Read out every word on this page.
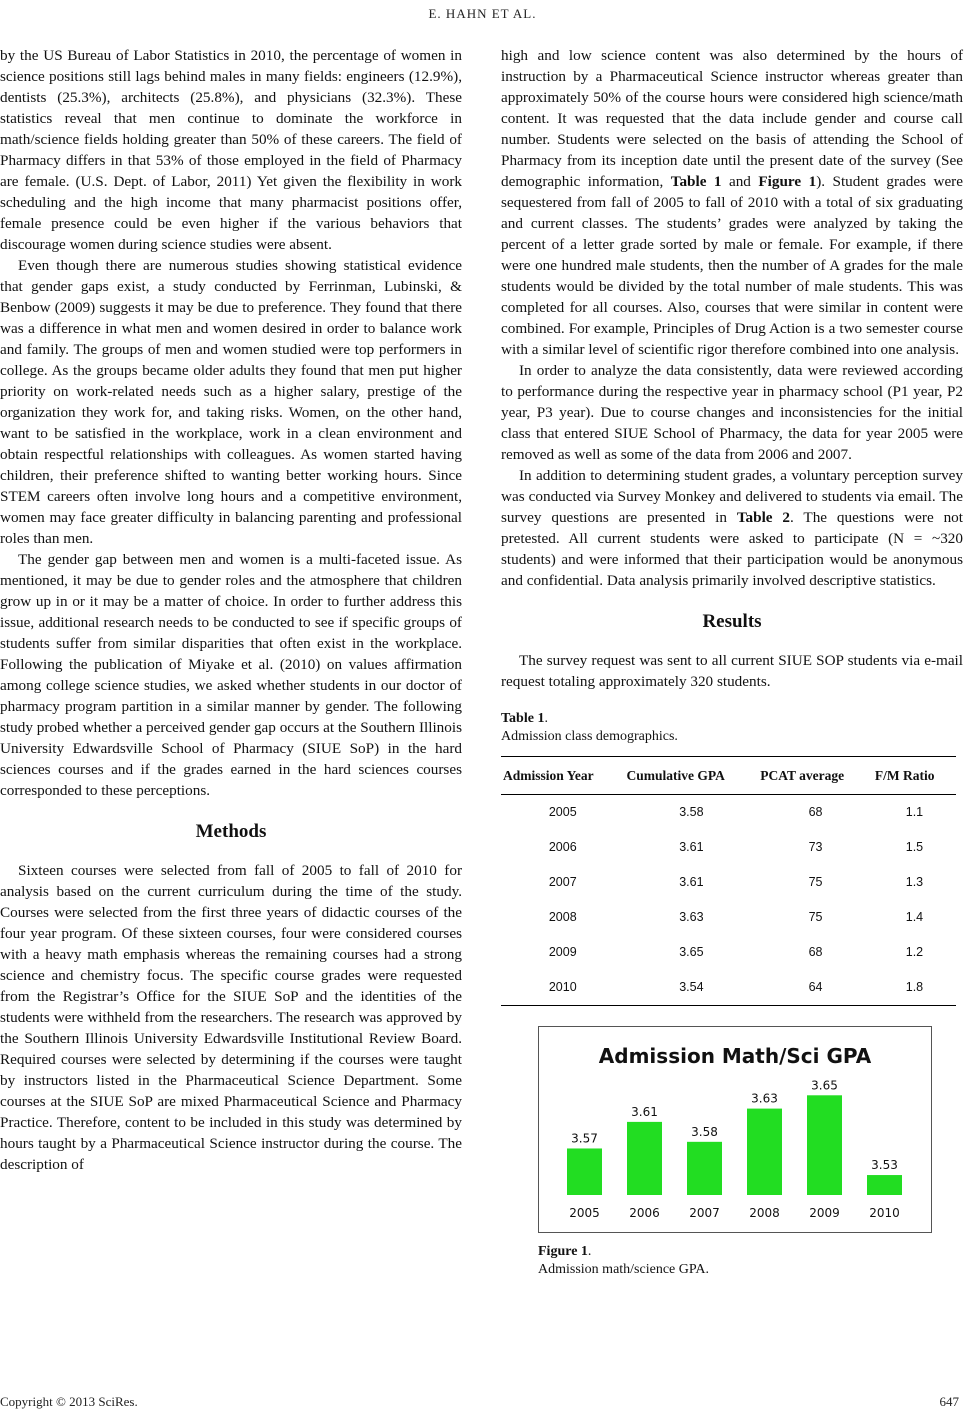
E. HAHN ET AL.

by the US Bureau of Labor Statistics in 2010, the percentage of women in science positions still lags behind males in many fields: engineers (12.9%), dentists (25.3%), architects (25.8%), and physicians (32.3%). These statistics reveal that men continue to dominate the workforce in math/science fields holding greater than 50% of these careers. The field of Pharmacy differs in that 53% of those employed in the field of Pharmacy are female. (U.S. Dept. of Labor, 2011) Yet given the flexibility in work scheduling and the high income that many pharmacist positions offer, female presence could be even higher if the various behaviors that discourage women during science studies were absent.

Even though there are numerous studies showing statistical evidence that gender gaps exist, a study conducted by Ferrinman, Lubinski, & Benbow (2009) suggests it may be due to preference. They found that there was a difference in what men and women desired in order to balance work and family. The groups of men and women studied were top performers in college. As the groups became older adults they found that men put higher priority on work-related needs such as a higher salary, prestige of the organization they work for, and taking risks. Women, on the other hand, want to be satisfied in the workplace, work in a clean environment and obtain respectful relationships with colleagues. As women started having children, their preference shifted to wanting better working hours. Since STEM careers often involve long hours and a competitive environment, women may face greater difficulty in balancing parenting and professional roles than men.

The gender gap between men and women is a multi-faceted issue. As mentioned, it may be due to gender roles and the atmosphere that children grow up in or it may be a matter of choice. In order to further address this issue, additional research needs to be conducted to see if specific groups of students suffer from similar disparities that often exist in the workplace. Following the publication of Miyake et al. (2010) on values affirmation among college science studies, we asked whether students in our doctor of pharmacy program partition in a similar manner by gender. The following study probed whether a perceived gender gap occurs at the Southern Illinois University Edwardsville School of Pharmacy (SIUE SoP) in the hard sciences courses and if the grades earned in the hard sciences courses corresponded to these perceptions.

Methods

Sixteen courses were selected from fall of 2005 to fall of 2010 for analysis based on the current curriculum during the time of the study. Courses were selected from the first three years of didactic courses of the four year program. Of these sixteen courses, four were considered courses with a heavy math emphasis whereas the remaining courses had a strong science and chemistry focus. The specific course grades were requested from the Registrar’s Office for the SIUE SoP and the identities of the students were withheld from the researchers. The research was approved by the Southern Illinois University Edwardsville Institutional Review Board. Required courses were selected by determining if the courses were taught by instructors listed in the Pharmaceutical Science Department. Some courses at the SIUE SoP are mixed Pharmaceutical Science and Pharmacy Practice. Therefore, content to be included in this study was determined by hours taught by a Pharmaceutical Science instructor during the course. The description of

high and low science content was also determined by the hours of instruction by a Pharmaceutical Science instructor whereas greater than approximately 50% of the course hours were considered high science/math content. It was requested that the data include gender and course call number. Students were selected on the basis of attending the School of Pharmacy from its inception date until the present date of the survey (See demographic information, Table 1 and Figure 1). Student grades were sequestered from fall of 2005 to fall of 2010 with a total of six graduating and current classes. The students’ grades were analyzed by taking the percent of a letter grade sorted by male or female. For example, if there were one hundred male students, then the number of A grades for the male students would be divided by the total number of male students. This was completed for all courses. Also, courses that were similar in content were combined. For example, Principles of Drug Action is a two semester course with a similar level of scientific rigor therefore combined into one analysis.

In order to analyze the data consistently, data were reviewed according to performance during the respective year in pharmacy school (P1 year, P2 year, P3 year). Due to course changes and inconsistencies for the initial class that entered SIUE School of Pharmacy, the data for year 2005 were removed as well as some of the data from 2006 and 2007.

In addition to determining student grades, a voluntary perception survey was conducted via Survey Monkey and delivered to students via email. The survey questions are presented in Table 2. The questions were not pretested. All current students were asked to participate (N = ~320 students) and were informed that their participation would be anonymous and confidential. Data analysis primarily involved descriptive statistics.

Results

The survey request was sent to all current SIUE SOP students via e-mail request totaling approximately 320 students.

Table 1.
Admission class demographics.
Admission Year	Cumulative GPA	PCAT average	F/M Ratio
2005	3.58	68	1.1
2006	3.61	73	1.5
2007	3.61	75	1.3
2008	3.63	75	1.4
2009	3.65	68	1.2
2010	3.54	64	1.8
Admission Math/Sci GPA
3.57
2005
3.61
2006
3.58
2007
3.63
2008
3.65
2009
3.53
2010
Figure 1.
Admission math/science GPA.
Copyright © 2013 SciRes.	647
